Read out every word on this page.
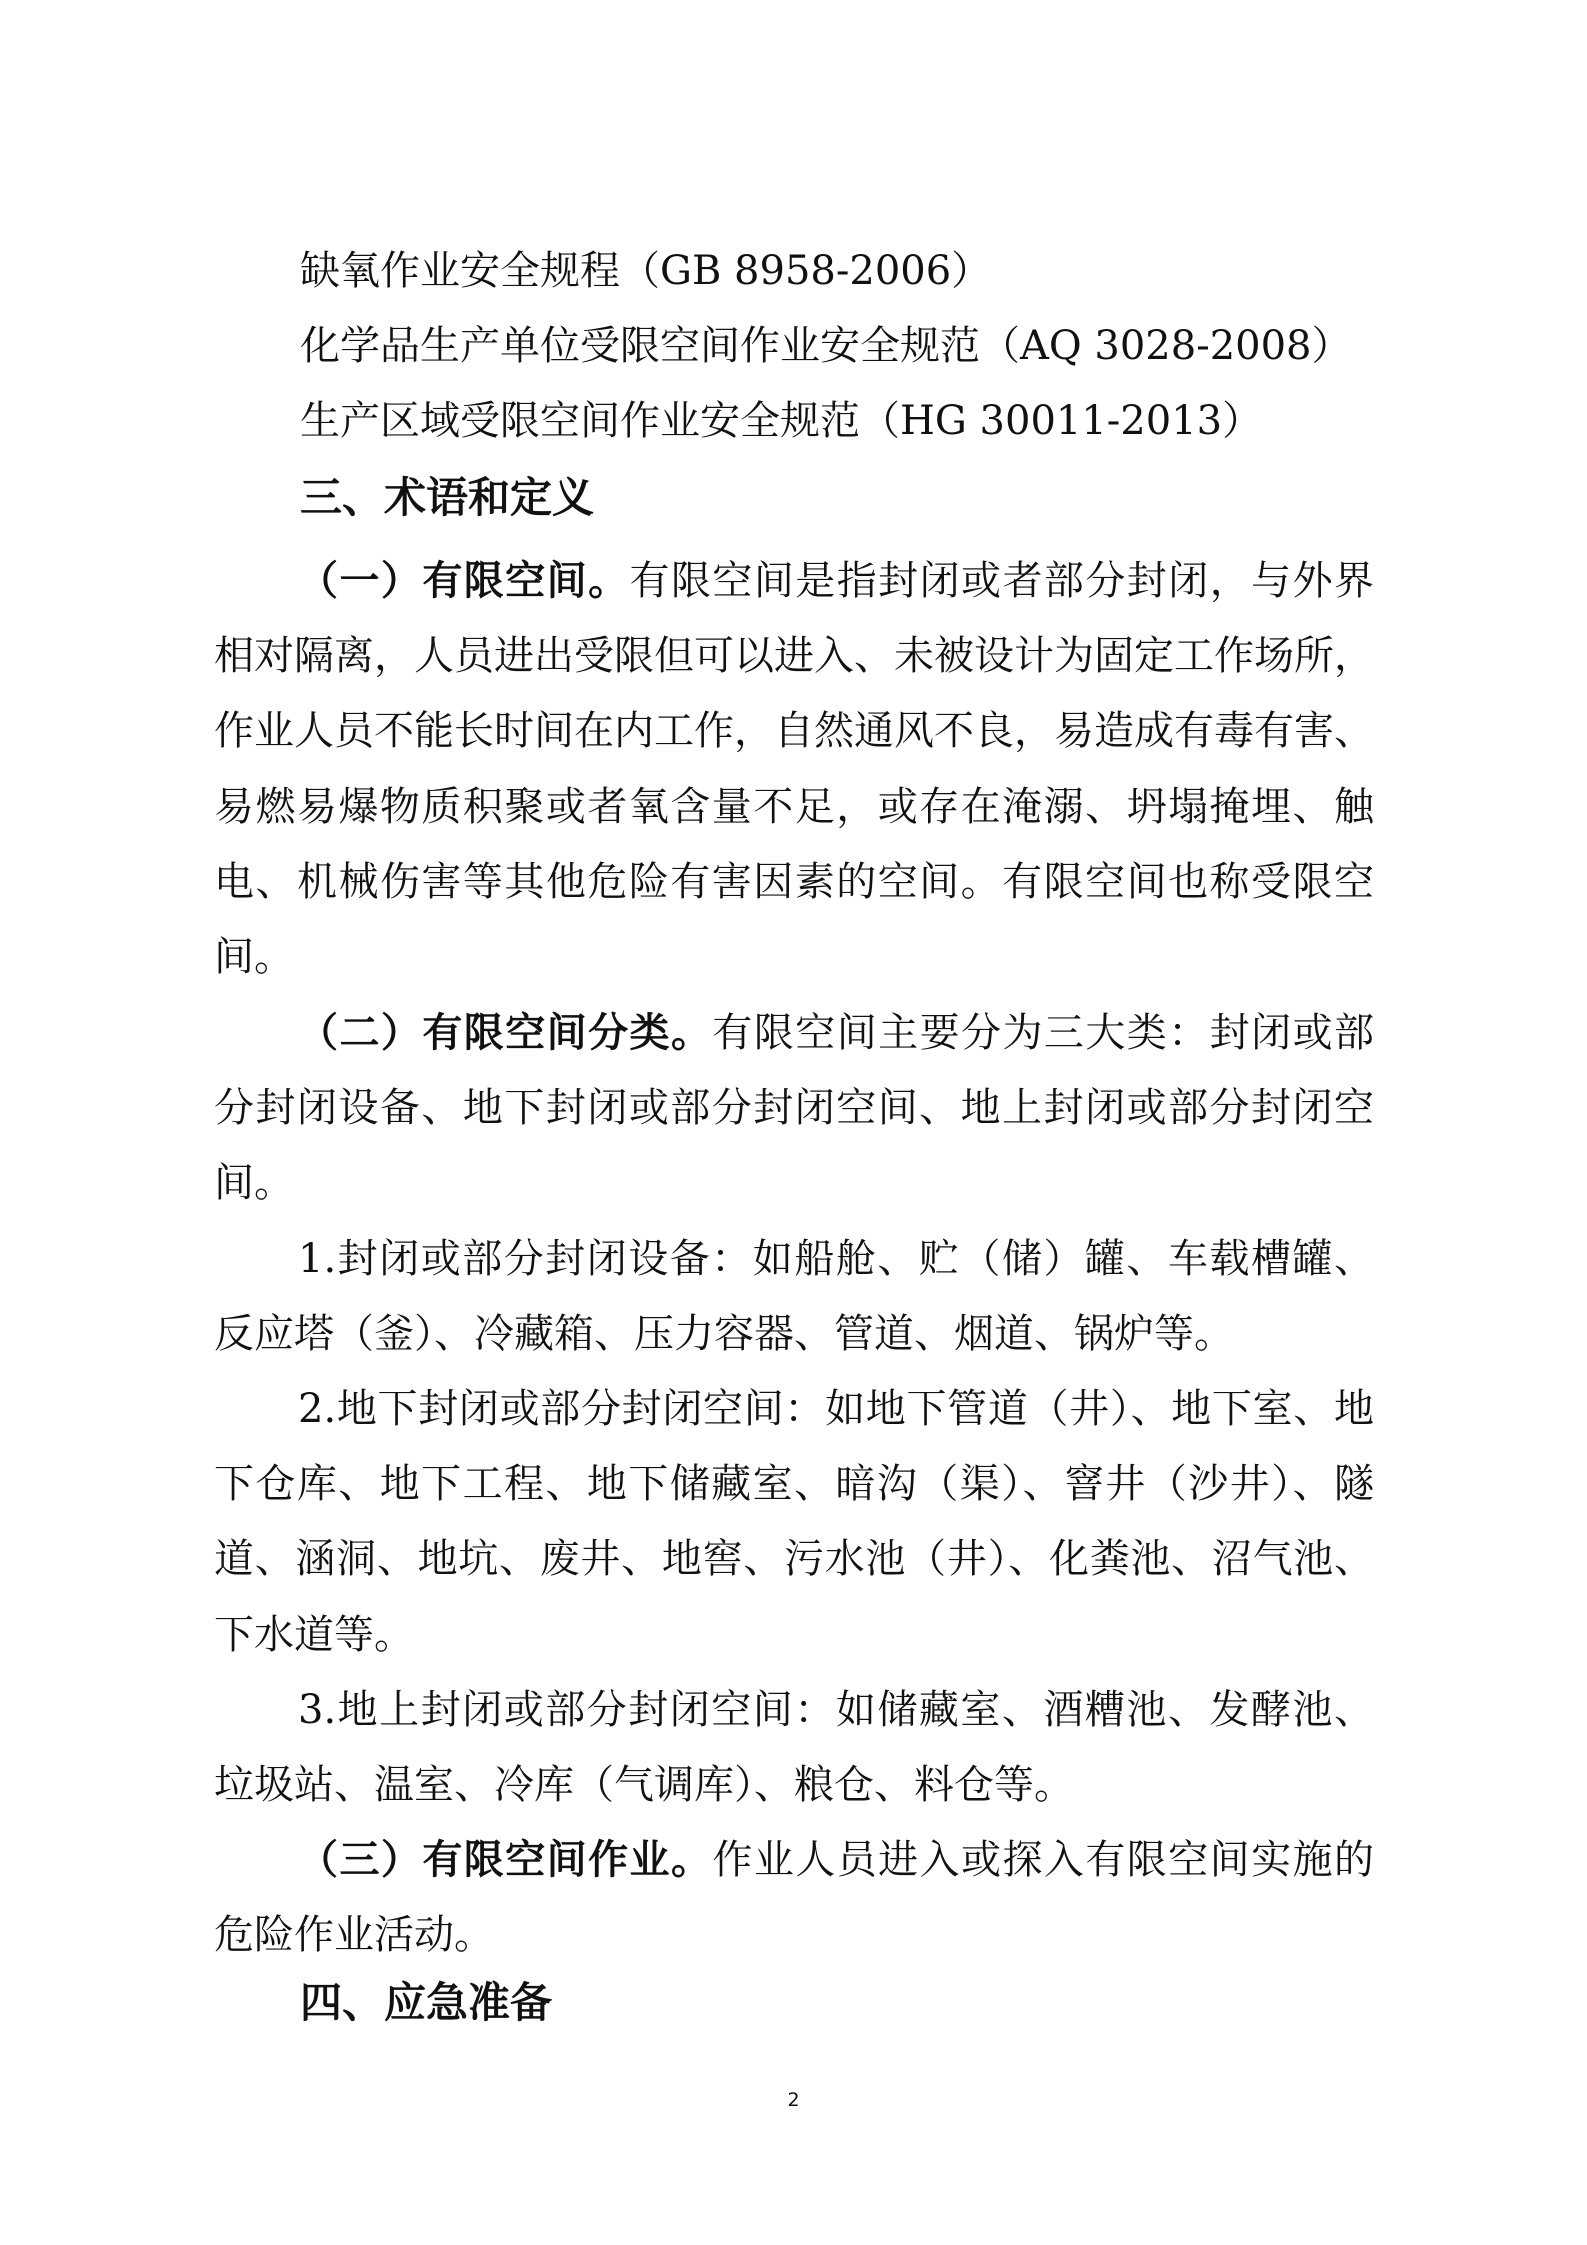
缺氧作业安全规程（GB 8958-2006）

化学品生产单位受限空间作业安全规范（AQ 3028-2008）

生产区域受限空间作业安全规范（HG 30011-2013）

三、术语和定义

（一）有限空间。有限空间是指封闭或者部分封闭，与外界相对隔离，人员进出受限但可以进入、未被设计为固定工作场所，作业人员不能长时间在内工作，自然通风不良，易造成有毒有害、易燃易爆物质积聚或者氧含量不足，或存在淹溺、坍塌掩埋、触电、机械伤害等其他危险有害因素的空间。有限空间也称受限空间。

（二）有限空间分类。有限空间主要分为三大类：封闭或部分封闭设备、地下封闭或部分封闭空间、地上封闭或部分封闭空间。

1.封闭或部分封闭设备：如船舱、贮（储）罐、车载槽罐、反应塔（釜）、冷藏箱、压力容器、管道、烟道、锅炉等。

2.地下封闭或部分封闭空间：如地下管道（井）、地下室、地下仓库、地下工程、地下储藏室、暗沟（渠）、窨井（沙井）、隧道、涵洞、地坑、废井、地窖、污水池（井）、化粪池、沼气池、下水道等。

3.地上封闭或部分封闭空间：如储藏室、酒糟池、发酵池、垃圾站、温室、冷库（气调库）、粮仓、料仓等。

（三）有限空间作业。作业人员进入或探入有限空间实施的危险作业活动。

四、应急准备
2
